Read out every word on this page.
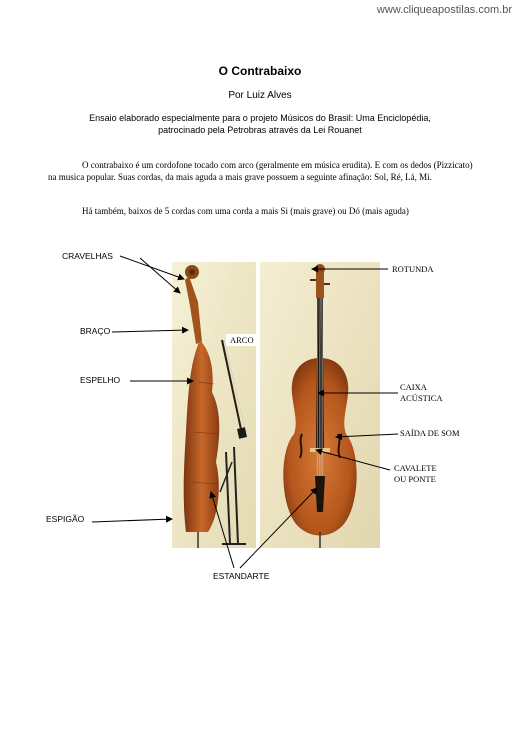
www.cliqueapostilas.com.br
O Contrabaixo
Por Luiz Alves
Ensaio elaborado especialmente para o projeto Músicos do Brasil: Uma Enciclopédia,
patrocinado pela Petrobras através da Lei Rouanet
O contrabaixo é um cordofone tocado com arco (geralmente em música erudita). E com os dedos (Pizzicato) na musica popular. Suas cordas, da mais aguda a mais grave possuem a seguinte afinação: Sol, Ré, Lá, Mi.
Há também, baixos de 5 cordas com uma corda a mais Si (mais grave) ou Dó (mais aguda)
CRAVELHAS
BRAÇO
ARCO
ESPELHO
ESPIGÃO
ESTANDARTE
ROTUNDA
CAIXA
ACÚSTICA
SAÍDA DE SOM
CAVALETE
OU PONTE
